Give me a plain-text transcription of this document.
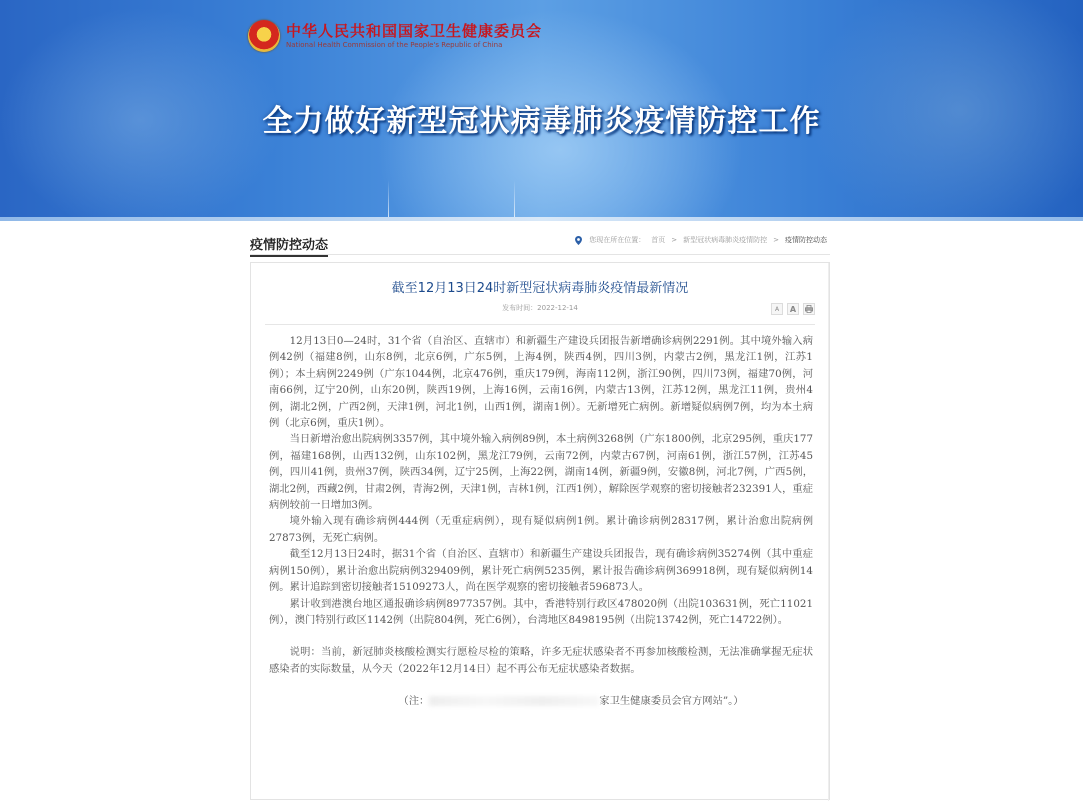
中华人民共和国国家卫生健康委员会
National Health Commission of the People's Republic of China
全力做好新型冠状病毒肺炎疫情防控工作
疫情防控动态	您现在所在位置： 首页 > 新型冠状病毒肺炎疫情防控 > 疫情防控动态
截至12月13日24时新型冠状病毒肺炎疫情最新情况
发布时间：2022-12-14	A A

12月13日0—24时，31个省（自治区、直辖市）和新疆生产建设兵团报告新增确诊病例2291例。其中境外输入病例42例（福建8例，山东8例，北京6例，广东5例，上海4例，陕西4例，四川3例，内蒙古2例，黑龙江1例，江苏1例）；本土病例2249例（广东1044例，北京476例，重庆179例，海南112例，浙江90例，四川73例，福建70例，河南66例，辽宁20例，山东20例，陕西19例，上海16例，云南16例，内蒙古13例，江苏12例，黑龙江11例，贵州4例，湖北2例，广西2例，天津1例，河北1例，山西1例，湖南1例）。无新增死亡病例。新增疑似病例7例，均为本土病例（北京6例，重庆1例）。

当日新增治愈出院病例3357例，其中境外输入病例89例，本土病例3268例（广东1800例，北京295例，重庆177例，福建168例，山西132例，山东102例，黑龙江79例，云南72例，内蒙古67例，河南61例，浙江57例，江苏45例，四川41例，贵州37例，陕西34例，辽宁25例，上海22例，湖南14例，新疆9例，安徽8例，河北7例，广西5例，湖北2例，西藏2例，甘肃2例，青海2例，天津1例，吉林1例，江西1例），解除医学观察的密切接触者232391人，重症病例较前一日增加3例。

境外输入现有确诊病例444例（无重症病例），现有疑似病例1例。累计确诊病例28317例，累计治愈出院病例27873例，无死亡病例。

截至12月13日24时，据31个省（自治区、直辖市）和新疆生产建设兵团报告，现有确诊病例35274例（其中重症病例150例），累计治愈出院病例329409例，累计死亡病例5235例，累计报告确诊病例369918例，现有疑似病例14例。累计追踪到密切接触者15109273人，尚在医学观察的密切接触者596873人。

累计收到港澳台地区通报确诊病例8977357例。其中，香港特别行政区478020例（出院103631例，死亡11021例），澳门特别行政区1142例（出院804例，死亡6例），台湾地区8498195例（出院13742例，死亡14722例）。

说明：当前，新冠肺炎核酸检测实行愿检尽检的策略，许多无症状感染者不再参加核酸检测，无法准确掌握无症状感染者的实际数量，从今天（2022年12月14日）起不再公布无症状感染者数据。

（注：	家卫生健康委员会官方网站”。）
